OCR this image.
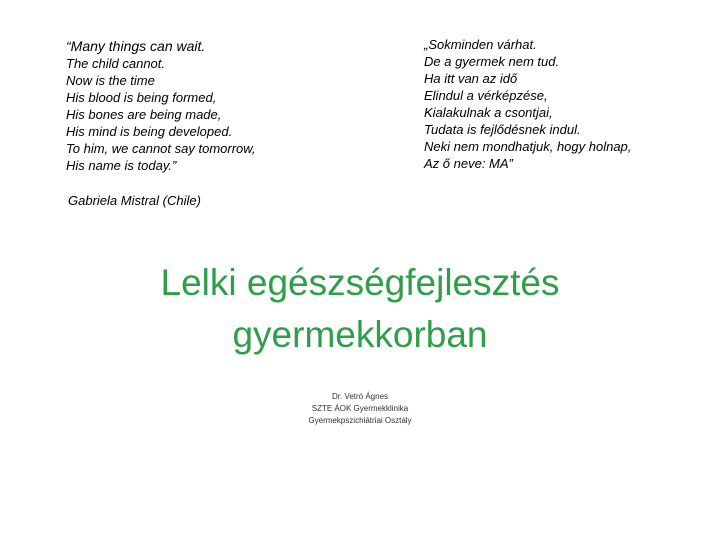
“Many things can wait.
The child cannot.
Now is the time
His blood is being formed,
His bones are being made,
His mind is being developed.
To him, we cannot say tomorrow,
His name is today.”
„Sokminden várhat.
De a gyermek nem tud.
Ha itt van az idő
Elindul a vérképzése,
Kialakulnak a csontjai,
Tudata is fejlődésnek indul.
Neki nem mondhatjuk, hogy holnap,
Az ő neve: MA”
Gabriela Mistral (Chile)
Lelki egészségfejlesztés
gyermekkorban
Dr. Vetró Ágnes
SZTE ÁOK Gyermekklinika
Gyermekpszichiátriai Osztály
